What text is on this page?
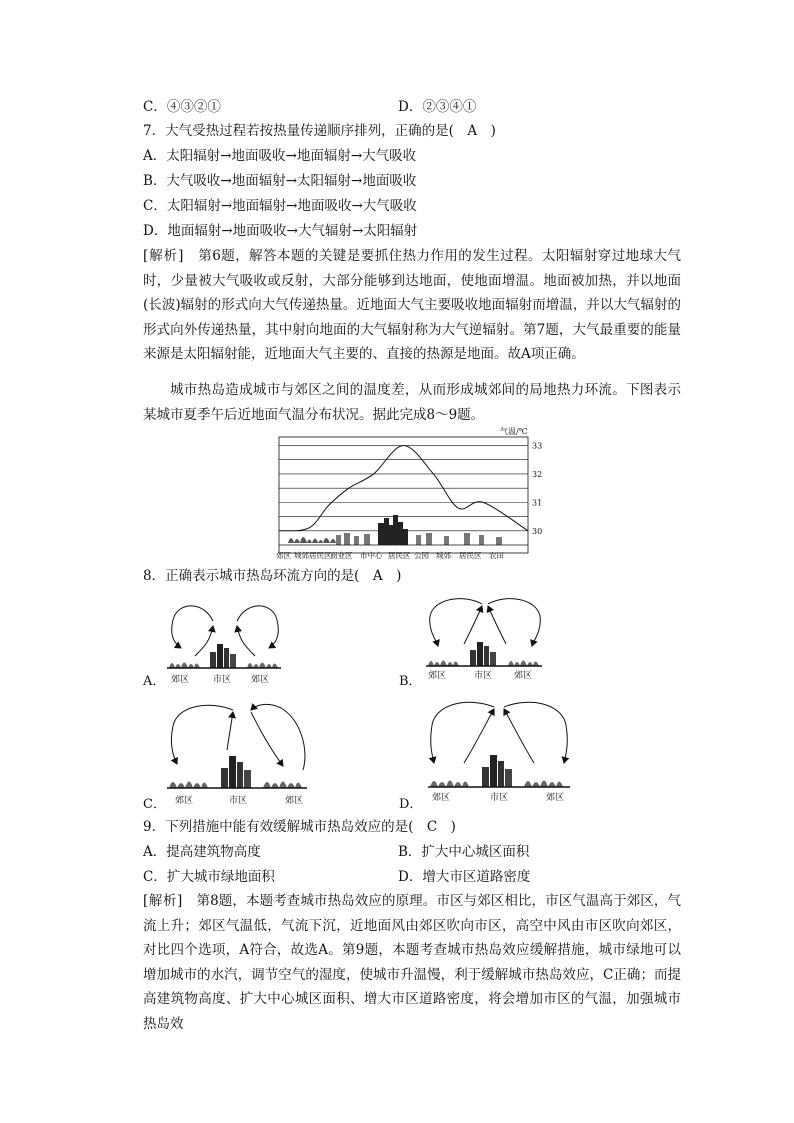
C．④③②①	D．②③④①
7．大气受热过程若按热量传递顺序排列，正确的是(　A　)
A．太阳辐射→地面吸收→地面辐射→大气吸收
B．大气吸收→地面辐射→太阳辐射→地面吸收
C．太阳辐射→地面辐射→地面吸收→大气吸收
D．地面辐射→地面吸收→大气辐射→太阳辐射
[解析]　第6题，解答本题的关键是要抓住热力作用的发生过程。太阳辐射穿过地球大气时，少量被大气吸收或反射，大部分能够到达地面，使地面增温。地面被加热，并以地面(长波)辐射的形式向大气传递热量。近地面大气主要吸收地面辐射而增温，并以大气辐射的形式向外传递热量，其中射向地面的大气辐射称为大气逆辐射。第7题，大气最重要的能量来源是太阳辐射能，近地面大气主要的、直接的热源是地面。故A项正确。
城市热岛造成城市与郊区之间的温度差，从而形成城郊间的局地热力环流。下图表示某城市夏季午后近地面气温分布状况。据此完成8～9题。
气温/℃
30
31
32
33
郊区 城郊居民区
商业区 市中心 居民区 公园 城郊 居民区 农田
8．正确表示城市热岛环流方向的是(　A　)
A． 郊区	市区 郊区	B． 郊区	市区 郊区
C． 郊区	市区	郊区	D． 郊区	市区	郊区
9．下列措施中能有效缓解城市热岛效应的是(　C　)
A．提高建筑物高度	B．扩大中心城区面积
C．扩大城市绿地面积	D．增大市区道路密度
[解析]　第8题，本题考查城市热岛效应的原理。市区与郊区相比，市区气温高于郊区，气流上升；郊区气温低，气流下沉，近地面风由郊区吹向市区，高空中风由市区吹向郊区，对比四个选项，A符合，故选A。第9题，本题考查城市热岛效应缓解措施，城市绿地可以增加城市的水汽，调节空气的湿度，使城市升温慢，利于缓解城市热岛效应，C正确；而提高建筑物高度、扩大中心城区面积、增大市区道路密度，将会增加市区的气温，加强城市热岛效
